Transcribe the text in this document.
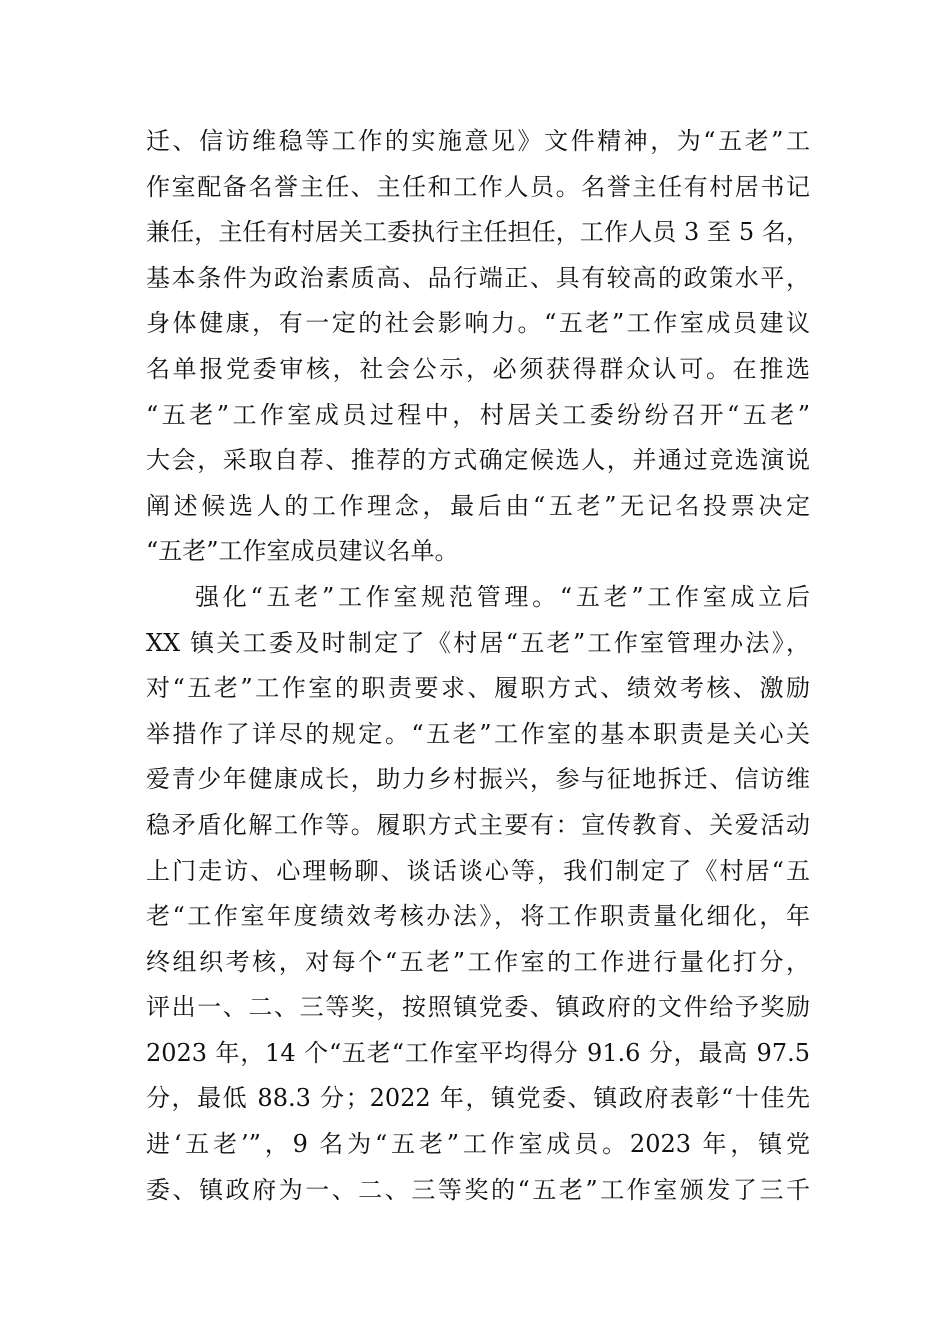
迁、信访维稳等工作的实施意见》文件精神，为“五老”工
作室配备名誉主任、主任和工作人员。名誉主任有村居书记
兼任，主任有村居关工委执行主任担任，工作人员 3 至 5 名，
基本条件为政治素质高、品行端正、具有较高的政策水平，
身体健康，有一定的社会影响力。“五老”工作室成员建议
名单报党委审核，社会公示，必须获得群众认可。在推选
“五老”工作室成员过程中，村居关工委纷纷召开“五老”
大会，采取自荐、推荐的方式确定候选人，并通过竞选演说
阐述候选人的工作理念，最后由“五老”无记名投票决定
“五老”工作室成员建议名单。
强化“五老”工作室规范管理。“五老”工作室成立后
XX 镇关工委及时制定了《村居“五老”工作室管理办法》，
对“五老”工作室的职责要求、履职方式、绩效考核、激励
举措作了详尽的规定。“五老”工作室的基本职责是关心关
爱青少年健康成长，助力乡村振兴，参与征地拆迁、信访维
稳矛盾化解工作等。履职方式主要有：宣传教育、关爱活动
上门走访、心理畅聊、谈话谈心等，我们制定了《村居“五
老“工作室年度绩效考核办法》，将工作职责量化细化，年
终组织考核，对每个“五老”工作室的工作进行量化打分，
评出一、二、三等奖，按照镇党委、镇政府的文件给予奖励
2023 年，14 个“五老“工作室平均得分 91.6 分，最高 97.5
分，最低 88.3 分；2022 年，镇党委、镇政府表彰“十佳先
进‘五老’”，9 名为“五老”工作室成员。2023 年，镇党
委、镇政府为一、二、三等奖的“五老”工作室颁发了三千
